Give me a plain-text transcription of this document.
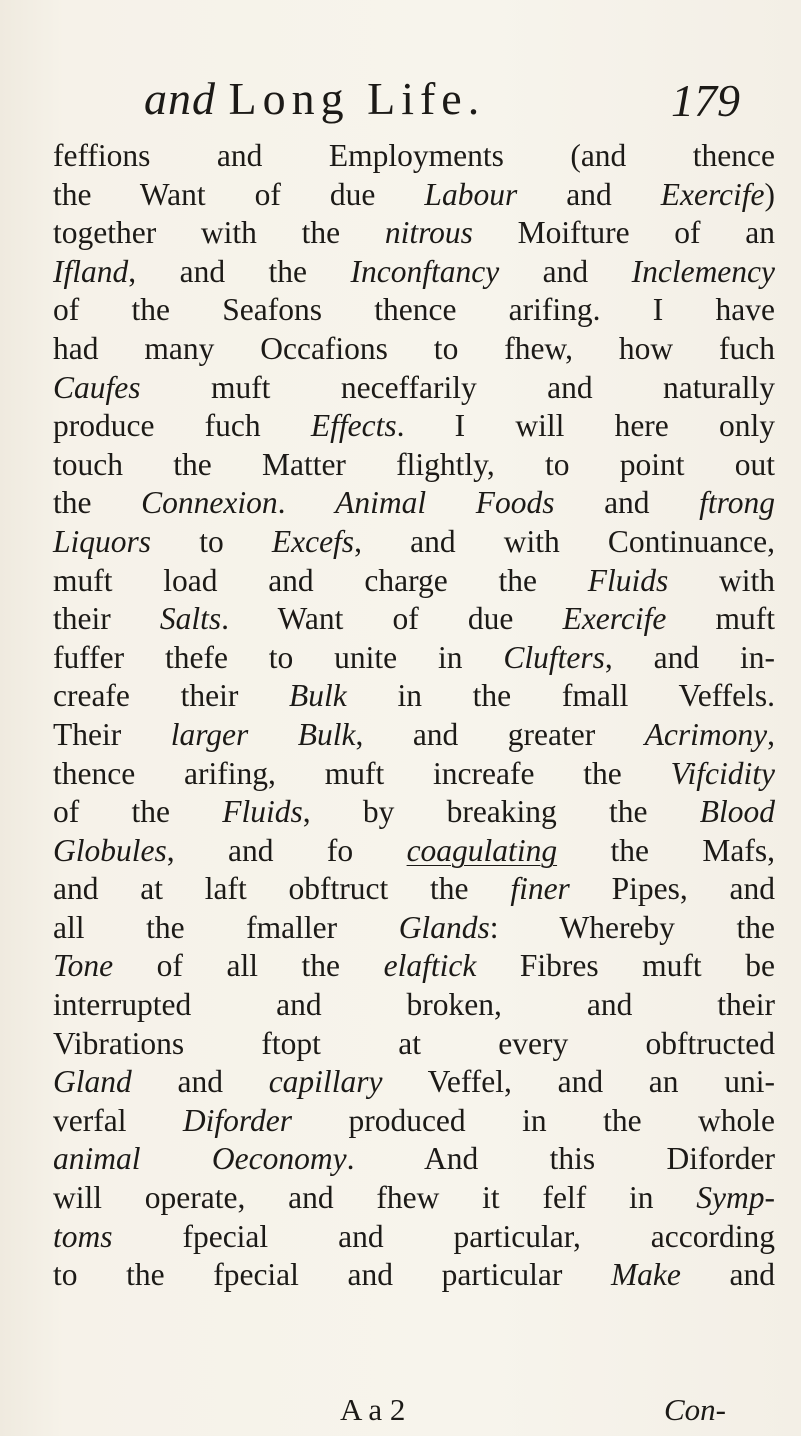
and Long Life.	179
feffions and Employments (and thence
the Want of due Labour and Exercife)
together with the nitrous Moifture of an
Ifland, and the Inconftancy and Inclemency
of the Seafons thence arifing. I have
had many Occafions to fhew, how fuch
Caufes muft neceffarily and naturally
produce fuch Effects. I will here only
touch the Matter flightly, to point out
the Connexion. Animal Foods and ftrong
Liquors to Excefs, and with Continuance,
muft load and charge the Fluids with
their Salts. Want of due Exercife muft
fuffer thefe to unite in Clufters, and in-
creafe their Bulk in the fmall Veffels.
Their larger Bulk, and greater Acrimony,
thence arifing, muft increafe the Vifcidity
of the Fluids, by breaking the Blood
Globules, and fo coagulating the Mafs,
and at laft obftruct the finer Pipes, and
all the fmaller Glands: Whereby the
Tone of all the elaftick Fibres muft be
interrupted and broken, and their
Vibrations ftopt at every obftructed
Gland and capillary Veffel, and an uni-
verfal Diforder produced in the whole
animal Oeconomy. And this Diforder
will operate, and fhew it felf in Symp-
toms fpecial and particular, according
to the fpecial and particular Make and
A a 2	Con-
